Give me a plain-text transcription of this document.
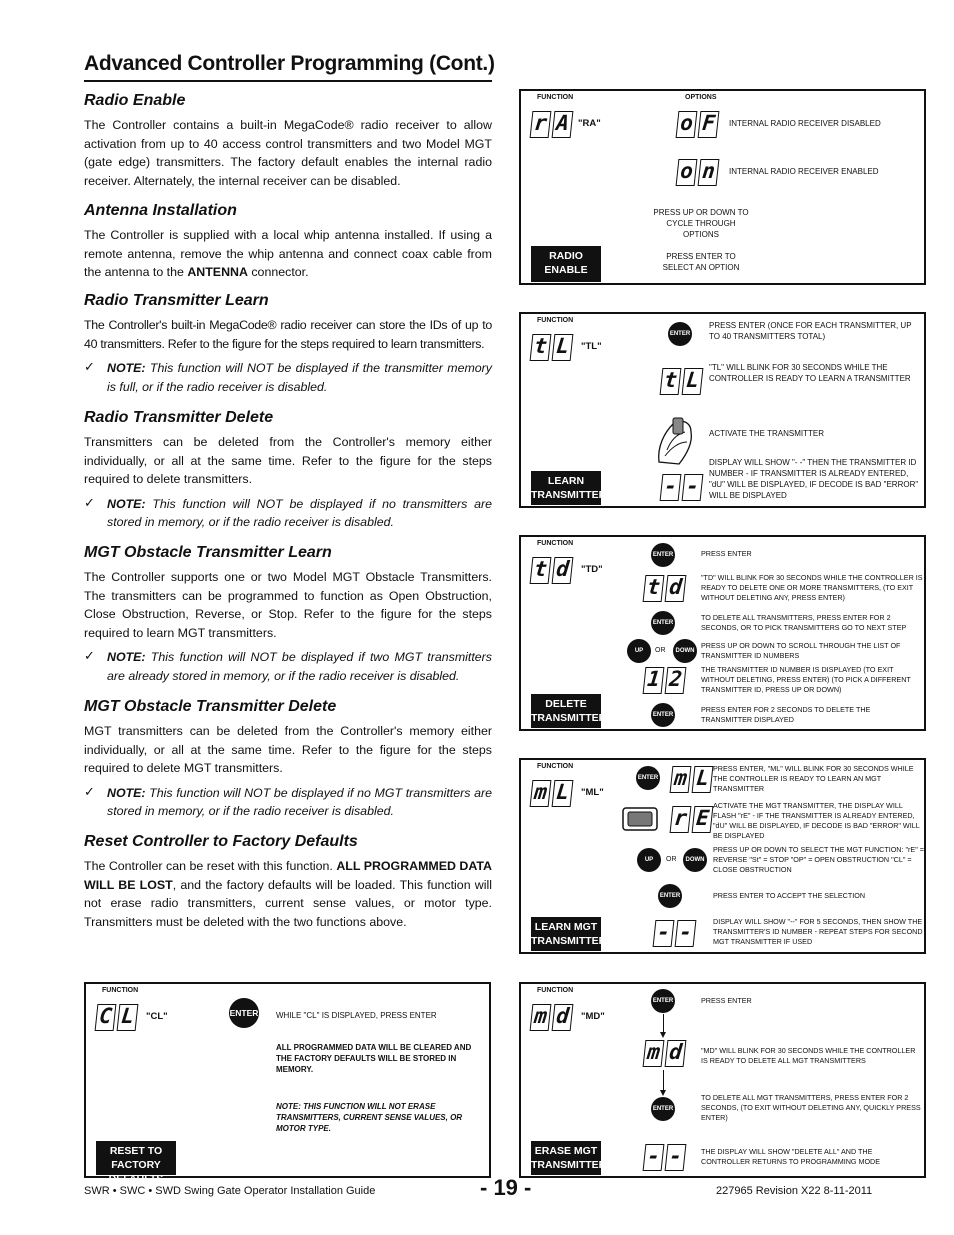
Advanced Controller Programming (Cont.)
Radio Enable

The Controller contains a built-in MegaCode® radio receiver to allow activation from up to 40 access control transmitters and two Model MGT (gate edge) transmitters. The factory default enables the internal radio receiver. Alternately, the internal receiver can be disabled.

Antenna Installation

The Controller is supplied with a local whip antenna installed. If using a remote antenna, remove the whip antenna and connect coax cable from the antenna to the ANTENNA connector.

Radio Transmitter Learn

The Controller's built-in MegaCode® radio receiver can store the IDs of up to 40 transmitters. Refer to the figure for the steps required to learn transmitters.

✓ NOTE: This function will NOT be displayed if the transmitter memory is full, or if the radio receiver is disabled.

Radio Transmitter Delete

Transmitters can be deleted from the Controller's memory either individually, or all at the same time. Refer to the figure for the steps required to delete transmitters.

✓ NOTE: This function will NOT be displayed if no transmitters are stored in memory, or if the radio receiver is disabled.

MGT Obstacle Transmitter Learn

The Controller supports one or two Model MGT Obstacle Transmitters. The transmitters can be programmed to function as Open Obstruction, Close Obstruction, Reverse, or Stop. Refer to the figure for the steps required to learn MGT transmitters.

✓ NOTE: This function will NOT be displayed if two MGT transmitters are already stored in memory, or if the radio receiver is disabled.

MGT Obstacle Transmitter Delete

MGT transmitters can be deleted from the Controller's memory either individually, or all at the same time. Refer to the figure for the steps required to delete MGT transmitters.

✓ NOTE: This function will NOT be displayed if no MGT transmitters are stored in memory, or if the radio receiver is disabled.

Reset Controller to Factory Defaults

The Controller can be reset with this function. ALL PROGRAMMED DATA WILL BE LOST, and the factory defaults will be loaded. This function will not erase radio transmitters, current sense values, or motor type. Transmitters must be deleted with the two functions above.

FUNCTION	OPTIONS
r A "RA"	o F	INTERNAL RADIO RECEIVER DISABLED
o n	INTERNAL RADIO RECEIVER ENABLED
PRESS UP OR DOWN TO CYCLE THROUGH OPTIONS
RADIO ENABLE
PRESS ENTER TO SELECT AN OPTION
FUNCTION
t L	"TL"
ENTER
PRESS ENTER (ONCE FOR EACH TRANSMITTER, UP TO 40 TRANSMITTERS TOTAL)
t L
"TL" WILL BLINK FOR 30 SECONDS WHILE THE CONTROLLER IS READY TO LEARN A TRANSMITTER
ACTIVATE THE TRANSMITTER
DISPLAY WILL SHOW "- -" THEN THE TRANSMITTER ID NUMBER - IF TRANSMITTER IS ALREADY ENTERED, "dU" WILL BE DISPLAYED, IF DECODE IS BAD "ERROR" WILL BE DISPLAYED
LEARN TRANSMITTERS - -
FUNCTION
t d	"TD"
ENTER	PRESS ENTER
t d	"TD" WILL BLINK FOR 30 SECONDS WHILE THE CONTROLLER IS READY TO DELETE ONE OR MORE TRANSMITTERS, (TO EXIT WITHOUT DELETING ANY, PRESS ENTER)
ENTER
TO DELETE ALL TRANSMITTERS, PRESS ENTER FOR 2 SECONDS, OR TO PICK TRANSMITTERS GO TO NEXT STEP
UP	OR	DOWN
PRESS UP OR DOWN TO SCROLL THROUGH THE LIST OF TRANSMITTER ID NUMBERS
1 2	THE TRANSMITTER ID NUMBER IS DISPLAYED (TO EXIT WITHOUT DELETING, PRESS ENTER) (TO PICK A DIFFERENT TRANSMITTER ID, PRESS UP OR DOWN)
DELETE TRANSMITTERS	ENTER
PRESS ENTER FOR 2 SECONDS TO DELETE THE TRANSMITTER DISPLAYED
FUNCTION
m L	"ML"
ENTER m L PRESS ENTER, "ML" WILL BLINK FOR 30 SECONDS WHILE THE CONTROLLER IS READY TO LEARN AN MGT TRANSMITTER
r E
ACTIVATE THE MGT TRANSMITTER, THE DISPLAY WILL FLASH "rE" - IF THE TRANSMITTER IS ALREADY ENTERED, "dU" WILL BE DISPLAYED, IF DECODE IS BAD "ERROR" WILL BE DISPLAYED
UP	OR	DOWN
PRESS UP OR DOWN TO SELECT THE MGT FUNCTION: "rE" = REVERSE "St" = STOP "OP" = OPEN OBSTRUCTION "CL" = CLOSE OBSTRUCTION
ENTER	PRESS ENTER TO ACCEPT THE SELECTION
LEARN MGT TRANSMITTERS - -	DISPLAY WILL SHOW "--" FOR 5 SECONDS, THEN SHOW THE TRANSMITTER'S ID NUMBER - REPEAT STEPS FOR SECOND MGT TRANSMITTER IF USED
FUNCTION
C L	"CL"	ENTER WHILE "CL" IS DISPLAYED, PRESS ENTER
ALL PROGRAMMED DATA WILL BE CLEARED AND THE FACTORY DEFAULTS WILL BE STORED IN MEMORY.
NOTE: THIS FUNCTION WILL NOT ERASE TRANSMITTERS, CURRENT SENSE VALUES, OR MOTOR TYPE.
RESET TO FACTORY DEFAULTS
FUNCTION
m d	"MD"
ENTER	PRESS ENTER
m d	"MD" WILL BLINK FOR 30 SECONDS WHILE THE CONTROLLER IS READY TO DELETE ALL MGT TRANSMITTERS
ENTER
TO DELETE ALL MGT TRANSMITTERS, PRESS ENTER FOR 2 SECONDS, (TO EXIT WITHOUT DELETING ANY, QUICKLY PRESS ENTER)
ERASE MGT TRANSMITTERS - -	THE DISPLAY WILL SHOW "DELETE ALL" AND THE CONTROLLER RETURNS TO PROGRAMMING MODE
SWR • SWC • SWD Swing Gate Operator Installation Guide	- 19 -	227965 Revision X22 8-11-2011
